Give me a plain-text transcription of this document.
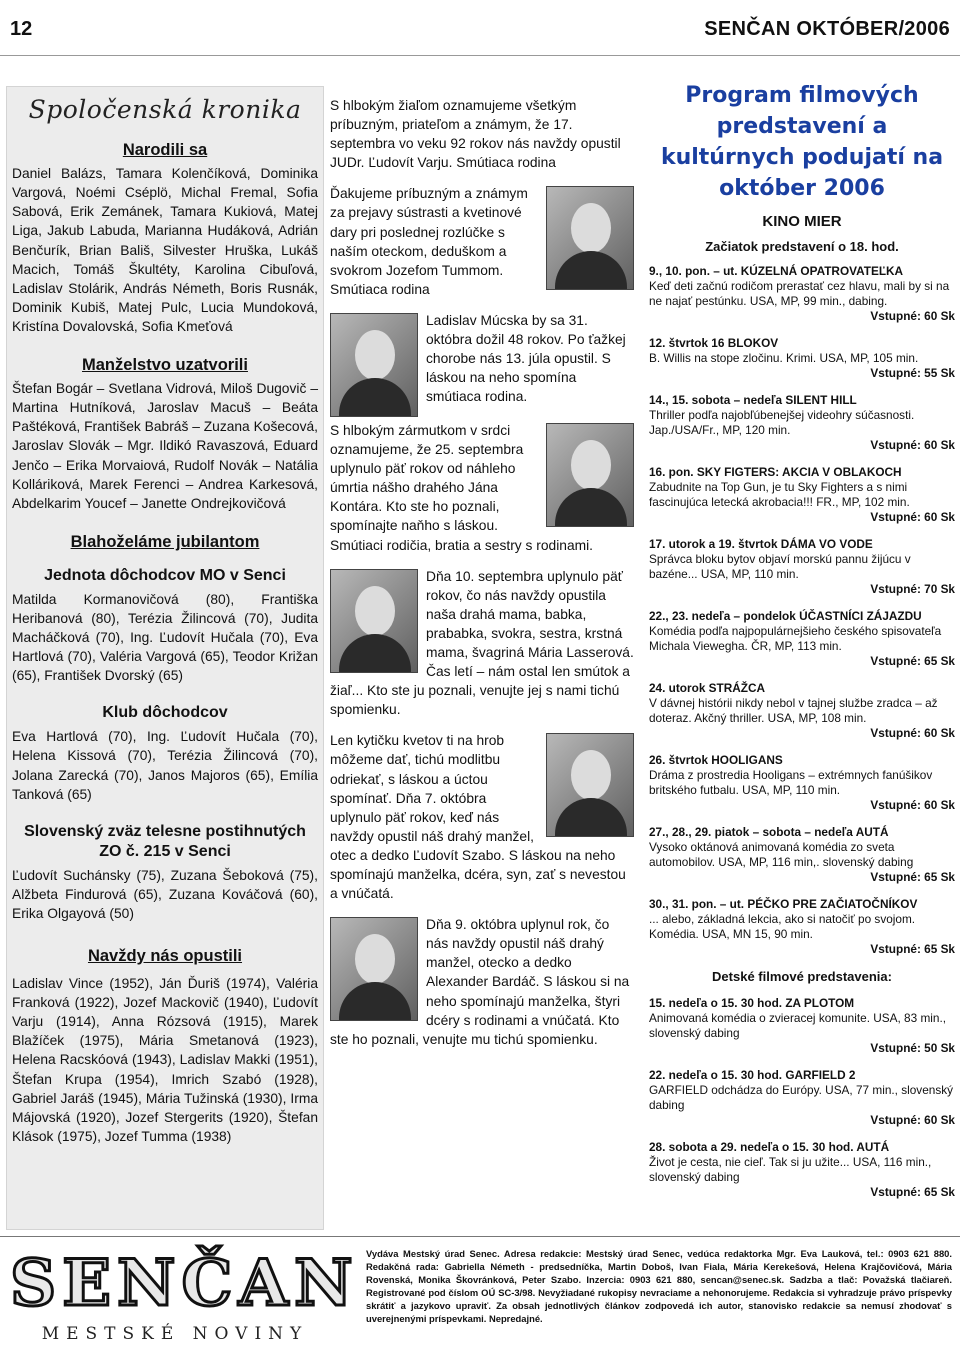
12	SENČAN OKTÓBER/2006
Spoločenská kronika
Narodili sa

Daniel Balázs, Tamara Kolenčíková, Dominika Vargová, Noémi Cséplö, Michal Fremal, Sofia Sabová, Erik Zemánek, Tamara Kukiová, Matej Liga, Jakub Labuda, Marianna Hudáková, Adrián Benčurík, Brian Bališ, Silvester Hruška, Lukáš Macich, Tomáš Škultéty, Karolina Cibuľová, Ladislav Stolárik, András Németh, Boris Rusnák, Dominik Kubiš, Matej Pulc, Lucia Mundoková, Kristína Dovalovská, Sofia Kmeťová

Manželstvo uzatvorili

Štefan Bogár – Svetlana Vidrová, Miloš Dugovič – Martina Hutníková, Jaroslav Macuš – Beáta Paštéková, František Babráš – Zuzana Košecová, Jaroslav Slovák – Mgr. Ildikó Ravaszová, Eduard Jenčo – Erika Morvaiová, Rudolf Novák – Natália Kolláriková, Marek Ferenci – Andrea Karkesová, Abdelkarim Youcef – Janette Ondrejkovičová

Blahoželáme jubilantom
Jednota dôchodcov MO v Senci

Matilda Kormanovičová (80), Františka Heribanová (80), Terézia Žilincová (70), Judita Macháčková (70), Ing. Ľudovít Hučala (70), Eva Hartlová (70), Valéria Vargová (65), Teodor Križan (65), František Dvorský (65)

Klub dôchodcov

Eva Hartlová (70), Ing. Ľudovít Hučala (70), Helena Kissová (70), Terézia Žilincová (70), Jolana Zarecká (70), Janos Majoros (65), Emília Tanková (65)

Slovenský zväz telesne postihnutých ZO č. 215 v Senci

Ľudovít Suchánsky (75), Zuzana Šeboková (75), Alžbeta Findurová (65), Zuzana Kováčová (60), Erika Olgayová (50)

Navždy nás opustili

Ladislav Vince (1952), Ján Ďuriš (1974), Valéria Franková (1922), Jozef Mackovič (1940), Ľudovít Varju (1914), Anna Rózsová (1915), Marek Blažíček (1975), Mária Smetanová (1923), Helena Racskóová (1943), Ladislav Makki (1951), Štefan Krupa (1954), Imrich Szabó (1928), Gabriel Jaráš (1945), Mária Tužinská (1930), Irma Májovská (1920), Jozef Stergerits (1920), Štefan Klások (1975), Jozef Tumma (1938)

S hlbokým žiaľom oznamujeme všetkým príbuzným, priateľom a známym, že 17. septembra vo veku 92 rokov nás navždy opustil JUDr. Ľudovít Varju. Smútiaca rodina

Ďakujeme príbuzným a známym za prejavy sústrasti a kvetinové dary pri poslednej rozlúčke s naším oteckom, deduškom a svokrom Jozefom Tummom. Smútiaca rodina

Ladislav Múcska by sa 31. októbra dožil 48 rokov. Po ťažkej chorobe nás 13. júla opustil. S láskou na neho spomína smútiaca rodina.

S hlbokým zármutkom v srdci oznamujeme, že 25. septembra uplynulo päť rokov od náhleho úmrtia nášho drahého Jána Kontára. Kto ste ho poznali, spomínajte naňho s láskou. Smútiaci rodičia, bratia a sestry s rodinami.

Dňa 10. septembra uplynulo päť rokov, čo nás navždy opustila naša drahá mama, babka, prababka, svokra, sestra, krstná mama, švagriná Mária Lasserová. Čas letí – nám ostal len smútok a žiaľ... Kto ste ju poznali, venujte jej s nami tichú spomienku.

Len kytičku kvetov ti na hrob môžeme dať, tichú modlitbu odriekať, s láskou a úctou spomínať. Dňa 7. októbra uplynulo päť rokov, keď nás navždy opustil náš drahý manžel, otec a dedko Ľudovít Szabo. S láskou na neho spomínajú manželka, dcéra, syn, zať s nevestou a vnúčatá.

Dňa 9. októbra uplynul rok, čo nás navždy opustil náš drahý manžel, otecko a dedko Alexander Bardáč. S láskou si na neho spomínajú manželka, štyri dcéry s rodinami a vnúčatá. Kto ste ho poznali, venujte mu tichú spomienku.

Program filmových predstavení a kultúrnych podujatí na október 2006
KINO MIER
Začiatok predstavení o 18. hod.
9., 10. pon. – ut. KÚZELNÁ OPATROVATEĽKA
Keď deti začnú rodičom prerastať cez hlavu, mali by si na ne najať pestúnku. USA, MP, 99 min., dabing.
Vstupné: 60 Sk
12. štvrtok 16 BLOKOV
B. Willis na stope zločinu. Krimi. USA, MP, 105 min.
Vstupné: 55 Sk
14., 15. sobota – nedeľa SILENT HILL
Thriller podľa najobľúbenejšej videohry súčasnosti. Jap./USA/Fr., MP, 120 min.
Vstupné: 60 Sk
16. pon. SKY FIGTERS: AKCIA V OBLAKOCH
Zabudnite na Top Gun, je tu Sky Fighters a s nimi fascinujúca letecká akrobacia!!! FR., MP, 102 min.
Vstupné: 60 Sk
17. utorok a 19. štvrtok DÁMA VO VODE
Správca bloku bytov objaví morskú pannu žijúcu v bazéne... USA, MP, 110 min.
Vstupné: 70 Sk
22., 23. nedeľa – pondelok ÚČASTNÍCI ZÁJAZDU
Komédia podľa najpopulárnejšieho českého spisovateľa Michala Viewegha. ČR, MP, 113 min.
Vstupné: 65 Sk
24. utorok STRÁŽCA
V dávnej histórii nikdy nebol v tajnej službe zradca – až doteraz. Akčný thriller. USA, MP, 108 min.
Vstupné: 60 Sk
26. štvrtok HOOLIGANS
Dráma z prostredia Hooligans – extrémnych fanúšikov britského futbalu. USA, MP, 110 min.
Vstupné: 60 Sk
27., 28., 29. piatok – sobota – nedeľa AUTÁ
Vysoko oktánová animovaná komédia zo sveta automobilov. USA, MP, 116 min,. slovenský dabing
Vstupné: 65 Sk
30., 31. pon. – ut. PÉČKO PRE ZAČIATOČNÍKOV
... alebo, základná lekcia, ako si natočiť po svojom. Komédia. USA, MN 15, 90 min.
Vstupné: 65 Sk
Detské filmové predstavenia:
15. nedeľa o 15. 30 hod. ZA PLOTOM
Animovaná komédia o zvieracej komunite. USA, 83 min., slovenský dabing
Vstupné: 50 Sk
22. nedeľa o 15. 30 hod. GARFIELD 2
GARFIELD odchádza do Európy. USA, 77 min., slovenský dabing
Vstupné: 60 Sk
28. sobota a 29. nedeľa o 15. 30 hod. AUTÁ
Život je cesta, nie cieľ. Tak si ju užite... USA, 116 min., slovenský dabing
Vstupné: 65 Sk
SENČAN
MESTSKÉ NOVINY
Vydáva Mestský úrad Senec. Adresa redakcie: Mestský úrad Senec, vedúca redaktorka Mgr. Eva Lauková, tel.: 0903 621 880. Redakčná rada: Gabriella Németh - predsedníčka, Martin Doboš, Ivan Fiala, Mária Kerekešová, Helena Krajčovičová, Mária Rovenská, Monika Škovránková, Peter Szabo. Inzercia: 0903 621 880, sencan@senec.sk. Sadzba a tlač: Považská tlačiareň. Registrované pod číslom OÚ SC-3/98. Nevyžiadané rukopisy nevraciame a nehonorujeme. Redakcia si vyhradzuje právo príspevky skrátiť a jazykovo upraviť. Za obsah jednotlivých článkov zodpovedá ich autor, stanovisko redakcie sa nemusí zhodovať s uverejnenými príspevkami. Nepredajné.
